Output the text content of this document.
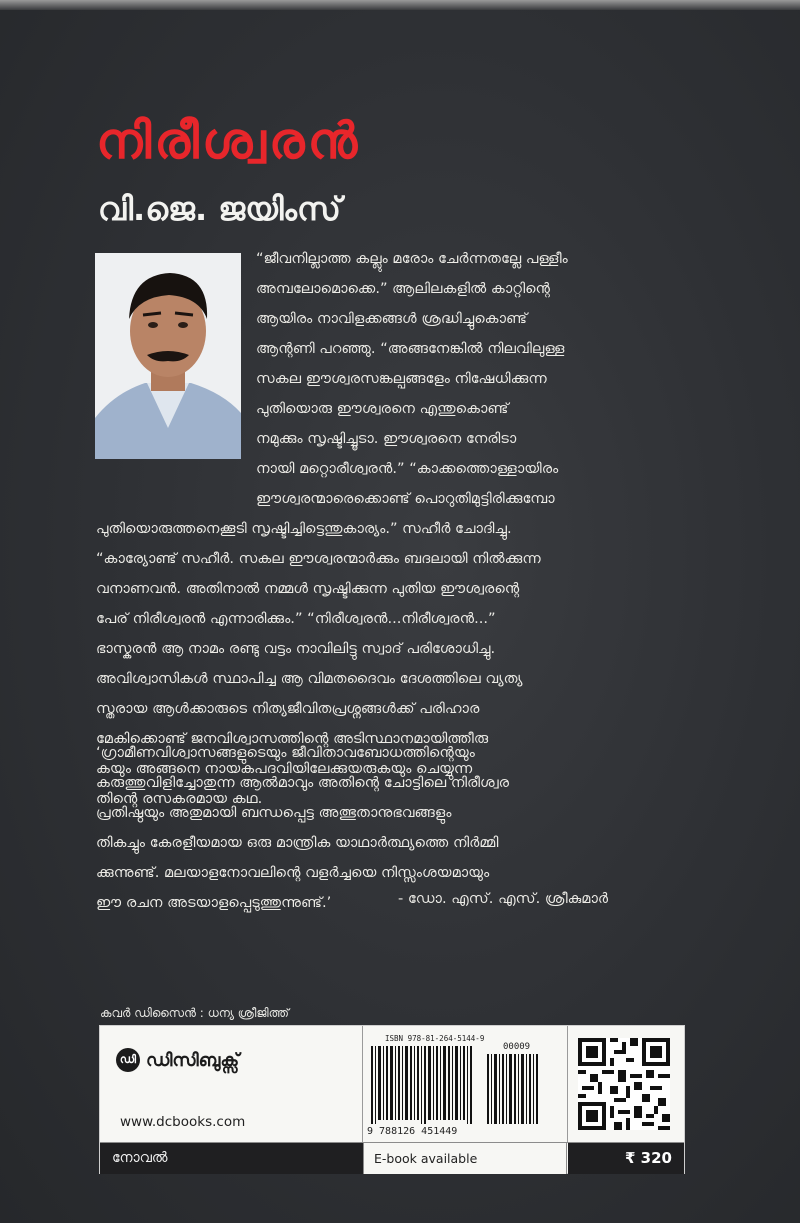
നിരീശ്വരൻ
വി.ജെ. ജയിംസ്
“ജീവനില്ലാത്ത കല്ലും മരോം ചേർന്നതല്ലേ പള്ളീം
അമ്പലോമൊക്കെ.” ആലിലകളിൽ കാറ്റിന്റെ
ആയിരം നാവിളക്കങ്ങൾ ശ്രദ്ധിച്ചുകൊണ്ട്
ആന്റണി പറഞ്ഞു. “അങ്ങനേങ്കിൽ നിലവിലുള്ള
സകല ഈശ്വരസങ്കല്പങ്ങളേം നിഷേധിക്കുന്ന
പുതിയൊരു ഈശ്വരനെ എന്തുകൊണ്ട്
നമുക്കും സൃഷ്ടിച്ചൂടാ. ഈശ്വരനെ നേരിടാ
നായി മറ്റൊരീശ്വരൻ.” “കാക്കത്തൊള്ളായിരം
ഈശ്വരന്മാരെക്കൊണ്ട് പൊറുതിമുട്ടിരിക്കുമ്പോ
പുതിയൊരുത്തനെക്കൂടി സൃഷ്ടിച്ചിട്ടെന്തുകാര്യം.” സഹീർ ചോദിച്ചു.
“കാര്യോണ്ട് സഹീർ. സകല ഈശ്വരന്മാർക്കും ബദലായി നിൽക്കുന്ന
വനാണവൻ. അതിനാൽ നമ്മൾ സൃഷ്ടിക്കുന്ന പുതിയ ഈശ്വരന്റെ
പേര് നിരീശ്വരൻ എന്നാരിക്കും.” “നിരീശ്വരൻ...നിരീശ്വരൻ...”
ഭാസ്കരൻ ആ നാമം രണ്ടു വട്ടം നാവിലിട്ടു സ്വാദ് പരിശോധിച്ചു.
അവിശ്വാസികൾ സ്ഥാപിച്ച ആ വിമതദൈവം ദേശത്തിലെ വ്യത്യ
സ്തരായ ആൾക്കാരുടെ നിത്യജീവിതപ്രശ്നങ്ങൾക്ക് പരിഹാര
മേകിക്കൊണ്ട് ജനവിശ്വാസത്തിന്റെ അടിസ്ഥാനമായിത്തീരു
കയും അങ്ങനെ നായകപദവിയിലേക്കുയരുകയും ചെയ്യുന്ന
തിന്റെ രസകരമായ കഥ.
‘ഗ്രാമീണവിശ്വാസങ്ങളുടെയും ജീവിതാവബോധത്തിന്റെയും
കരുത്തുവിളിച്ചോതുന്ന ആൽമാവും അതിന്റെ ചോട്ടിലെ നിരീശ്വര
പ്രതിഷ്ഠയും അതുമായി ബന്ധപ്പെട്ട അത്ഭുതാനുഭവങ്ങളും
തികച്ചും കേരളീയമായ ഒരു മാന്ത്രിക യാഥാർത്ഥ്യത്തെ നിർമ്മി
ക്കുന്നുണ്ട്. മലയാളനോവലിന്റെ വളർച്ചയെ നിസ്സംശയമായും
ഈ രചന അടയാളപ്പെടുത്തുന്നുണ്ട്.’	- ഡോ. എസ്. എസ്. ശ്രീകുമാർ
കവർ ഡിസൈൻ : ധന്യ ശ്രീജിത്ത്
ഡി ഡിസിബുക്സ്
www.dcbooks.com
ISBN 978-81-264-5144-9
00009
9 788126 451449
നോവൽ	E-book available	₹ 320
